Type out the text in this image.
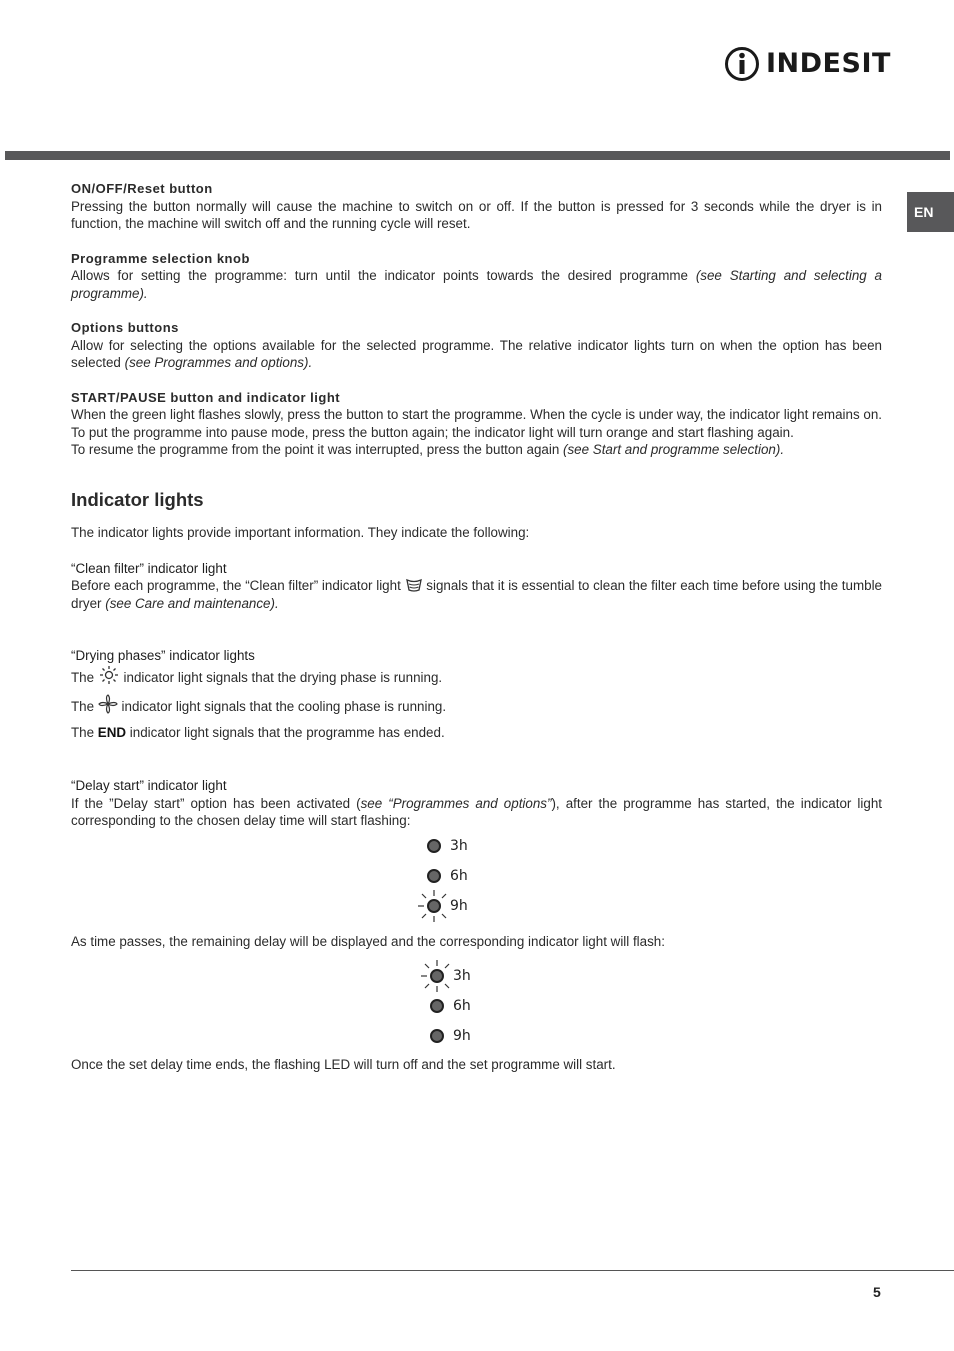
INDESIT
EN

ON/OFF/Reset button

Pressing the button normally will cause the machine to switch on or off. If the button is pressed for 3 seconds while the dryer is in function, the machine will switch off and the running cycle will reset.

Programme selection knob

Allows for setting the programme: turn until the indicator points towards the desired programme (see Starting and selecting a programme).

Options buttons

Allow for selecting the options available for the selected programme. The relative indicator lights turn on when the option has been selected (see Programmes and options).

START/PAUSE button and indicator light

When the green light flashes slowly, press the button to start the programme. When the cycle is under way, the indicator light remains on. To put the programme into pause mode, press the button again; the indicator light will turn orange and start flashing again.

To resume the programme from the point it was interrupted, press the button again (see Start and programme selection).

Indicator lights

The indicator lights provide important information. They indicate the following:

“Clean filter” indicator light

Before each programme, the “Clean filter” indicator light  signals that it is essential to clean the filter each time before using the tumble dryer (see Care and maintenance).

“Drying phases” indicator lights

The  indicator light signals that the drying phase is running.

The  indicator light signals that the cooling phase is running.

The END indicator light signals that the programme has ended.

“Delay start” indicator light

If the ”Delay start” option has been activated (see “Programmes and options”), after the programme has started, the indicator light corresponding to the chosen delay time will start flashing:

3h
6h
9h

As time passes, the remaining delay will be displayed and the corresponding indicator light will flash:

3h
6h
9h

Once the set delay time ends, the flashing LED will turn off and the set programme will start.

5
